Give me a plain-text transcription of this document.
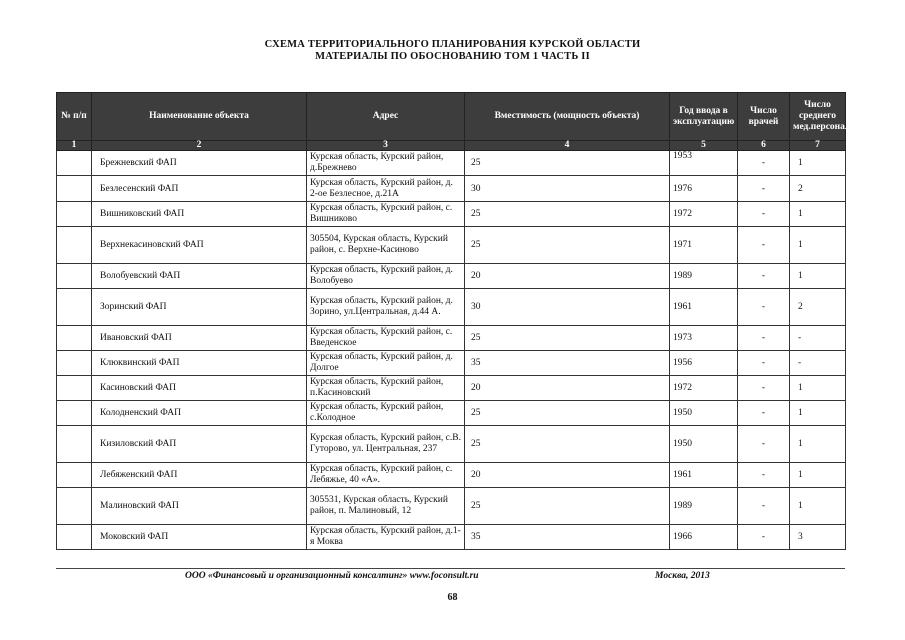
СХЕМА ТЕРРИТОРИАЛЬНОГО ПЛАНИРОВАНИЯ КУРСКОЙ ОБЛАСТИ
МАТЕРИАЛЫ ПО ОБОСНОВАНИЮ ТОМ 1 ЧАСТЬ II
№ п/п	Наименование объекта	Адрес	Вместимость (мощность объекта)	Год ввода в эксплуатацию	Число врачей	Число среднего мед.персонала
1	2	3	4	5	6	7
	Брежневский ФАП	Курская область, Курский район, д.Брежнево	25	1953	-	1
	Безлесенский ФАП	Курская область, Курский район, д. 2-ое Безлесное, д.21А	30	1976	-	2
	Вишниковский ФАП	Курская область, Курский район, с. Вишниково	25	1972	-	1
	Верхнекасиновский ФАП	305504, Курская область, Курский район, с. Верхне-Касиново	25	1971	-	1
	Волобуевский ФАП	Курская область, Курский район, д. Волобуево	20	1989	-	1
	Зоринский ФАП	Курская область, Курский район, д. Зорино, ул.Центральная, д.44 А.	30	1961	-	2
	Ивановский ФАП	Курская область, Курский район, с. Введенское	25	1973	-	-
	Клюквинский ФАП	Курская область, Курский район, д. Долгое	35	1956	-	-
	Касиновский ФАП	Курская область, Курский район, п.Касиновский	20	1972	-	1
	Колодненский ФАП	Курская область, Курский район, с.Колодное	25	1950	-	1
	Кизиловский ФАП	Курская область, Курский район, с.В. Гуторово, ул. Центральная, 237	25	1950	-	1
	Лебяженский ФАП	Курская область, Курский район, с. Лебяжье, 40 «А».	20	1961	-	1
	Малиновский ФАП	305531, Курская область, Курский район, п. Малиновый, 12	25	1989	-	1
	Моковский ФАП	Курская область, Курский район, д.1-я Моква	35	1966	-	3
ООО «Финансовый и организационный консалтинг» www.foconsult.ru	Москва, 2013
68
